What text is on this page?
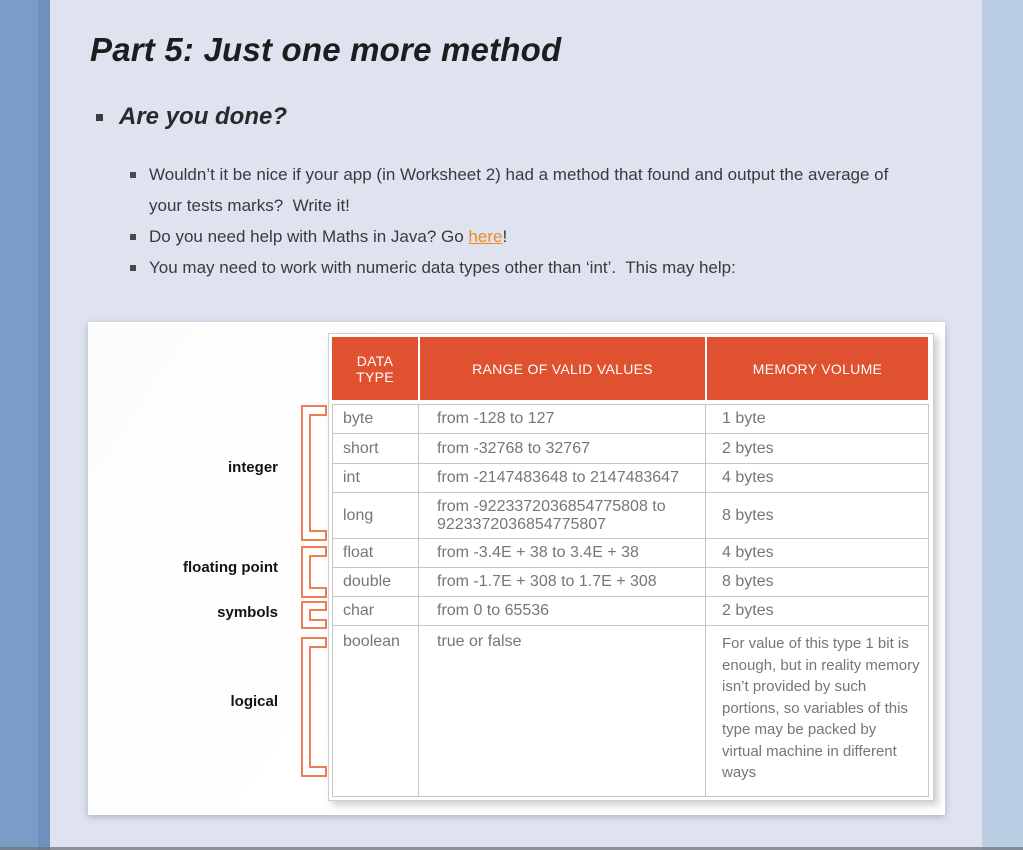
Part 5: Just one more method
Are you done?
Wouldn’t it be nice if your app (in Worksheet 2) had a method that found and output the average of your tests marks?  Write it!
Do you need help with Maths in Java? Go here!
You may need to work with numeric data types other than ‘int’.  This may help:
integer
floating point
symbols
logical
DATA TYPE	RANGE OF VALID VALUES	MEMORY VOLUME
byte	from -128 to 127	1 byte
short	from -32768 to 32767	2 bytes
int	from -2147483648 to 2147483647	4 bytes
long	from -9223372036854775808 to 9223372036854775807	8 bytes
float	from -3.4E + 38 to 3.4E + 38	4 bytes
double	from -1.7E + 308 to 1.7E + 308	8 bytes
char	from 0 to 65536	2 bytes
boolean	true or false	For value of this type 1 bit is enough, but in reality memory isn’t provided by such portions, so variables of this type may be packed by virtual machine in different ways
